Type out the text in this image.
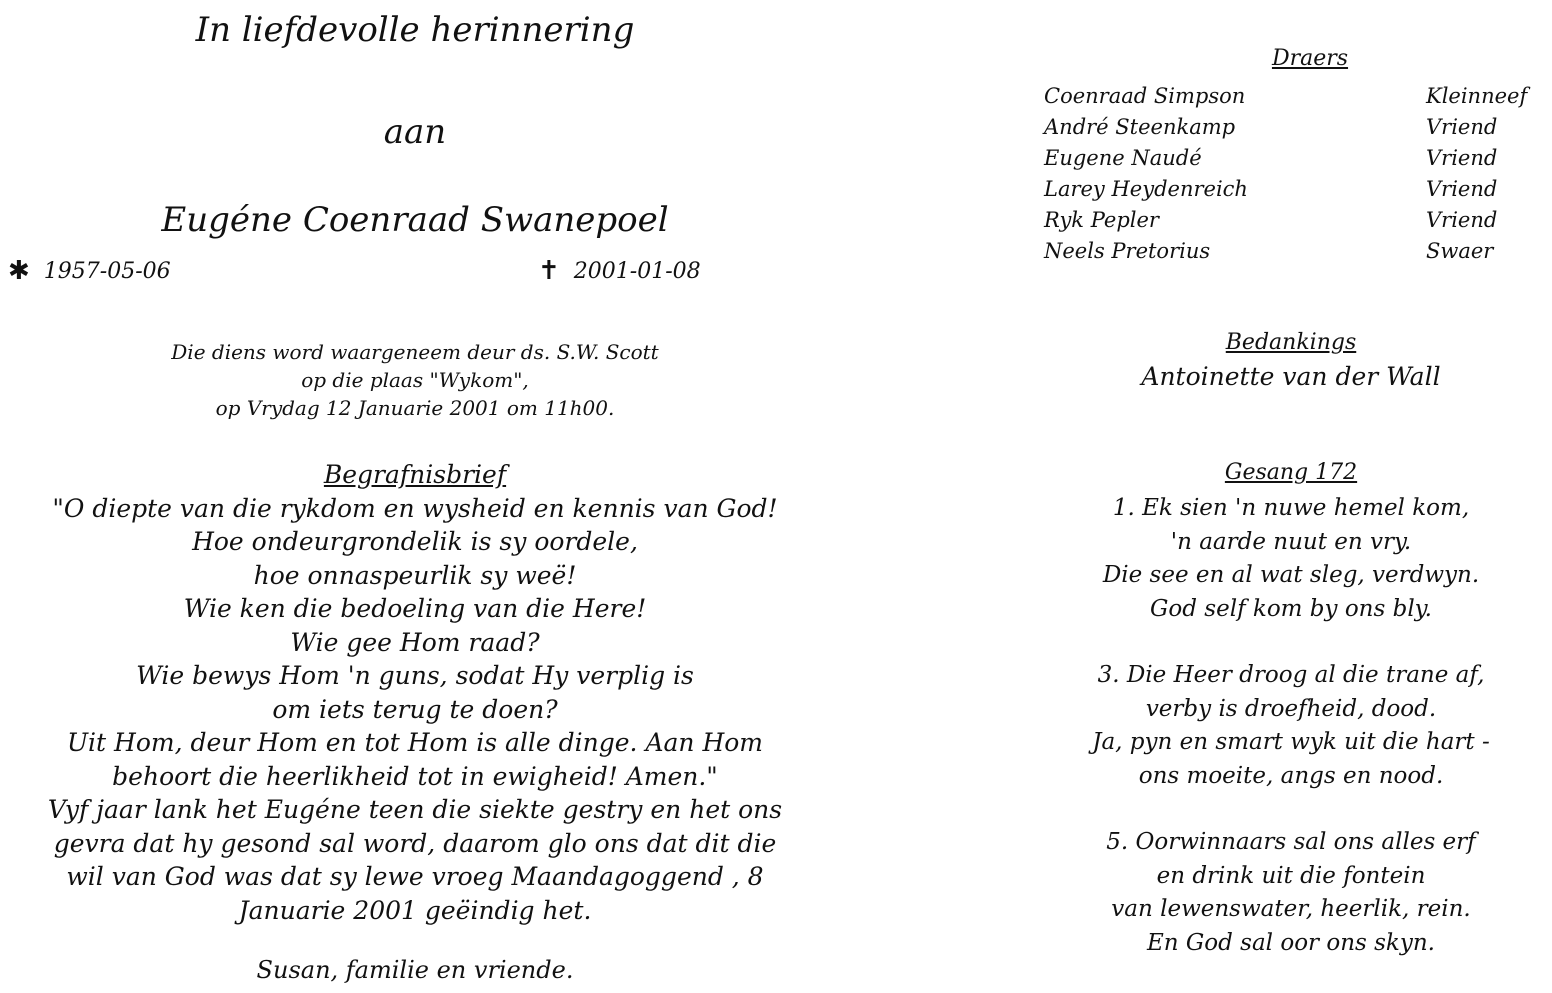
In liefdevolle herinnering
aan
Eugéne Coenraad Swanepoel
✱ 1957-05-06	✝ 2001-01-08
Die diens word waargeneem deur ds. S.W. Scott
op die plaas "Wykom",
op Vrydag 12 Januarie 2001 om 11h00.
Begrafnisbrief
"O diepte van die rykdom en wysheid en kennis van God!
Hoe ondeurgrondelik is sy oordele,
hoe onnaspeurlik sy weë!
Wie ken die bedoeling van die Here!
Wie gee Hom raad?
Wie bewys Hom 'n guns, sodat Hy verplig is
om iets terug te doen?
Uit Hom, deur Hom en tot Hom is alle dinge. Aan Hom
behoort die heerlikheid tot in ewigheid! Amen."
Vyf jaar lank het Eugéne teen die siekte gestry en het ons
gevra dat hy gesond sal word, daarom glo ons dat dit die
wil van God was dat sy lewe vroeg Maandagoggend , 8
Januarie 2001 geëindig het.
Susan, familie en vriende.
Draers
Coenraad Simpson	Kleinneef
André Steenkamp	Vriend
Eugene Naudé	Vriend
Larey Heydenreich	Vriend
Ryk Pepler	Vriend
Neels Pretorius	Swaer
Bedankings
Antoinette van der Wall
Gesang 172
1. Ek sien 'n nuwe hemel kom,
'n aarde nuut en vry.
Die see en al wat sleg, verdwyn.
God self kom by ons bly.
3. Die Heer droog al die trane af,
verby is droefheid, dood.
Ja, pyn en smart wyk uit die hart -
ons moeite, angs en nood.
5. Oorwinnaars sal ons alles erf
en drink uit die fontein
van lewenswater, heerlik, rein.
En God sal oor ons skyn.
